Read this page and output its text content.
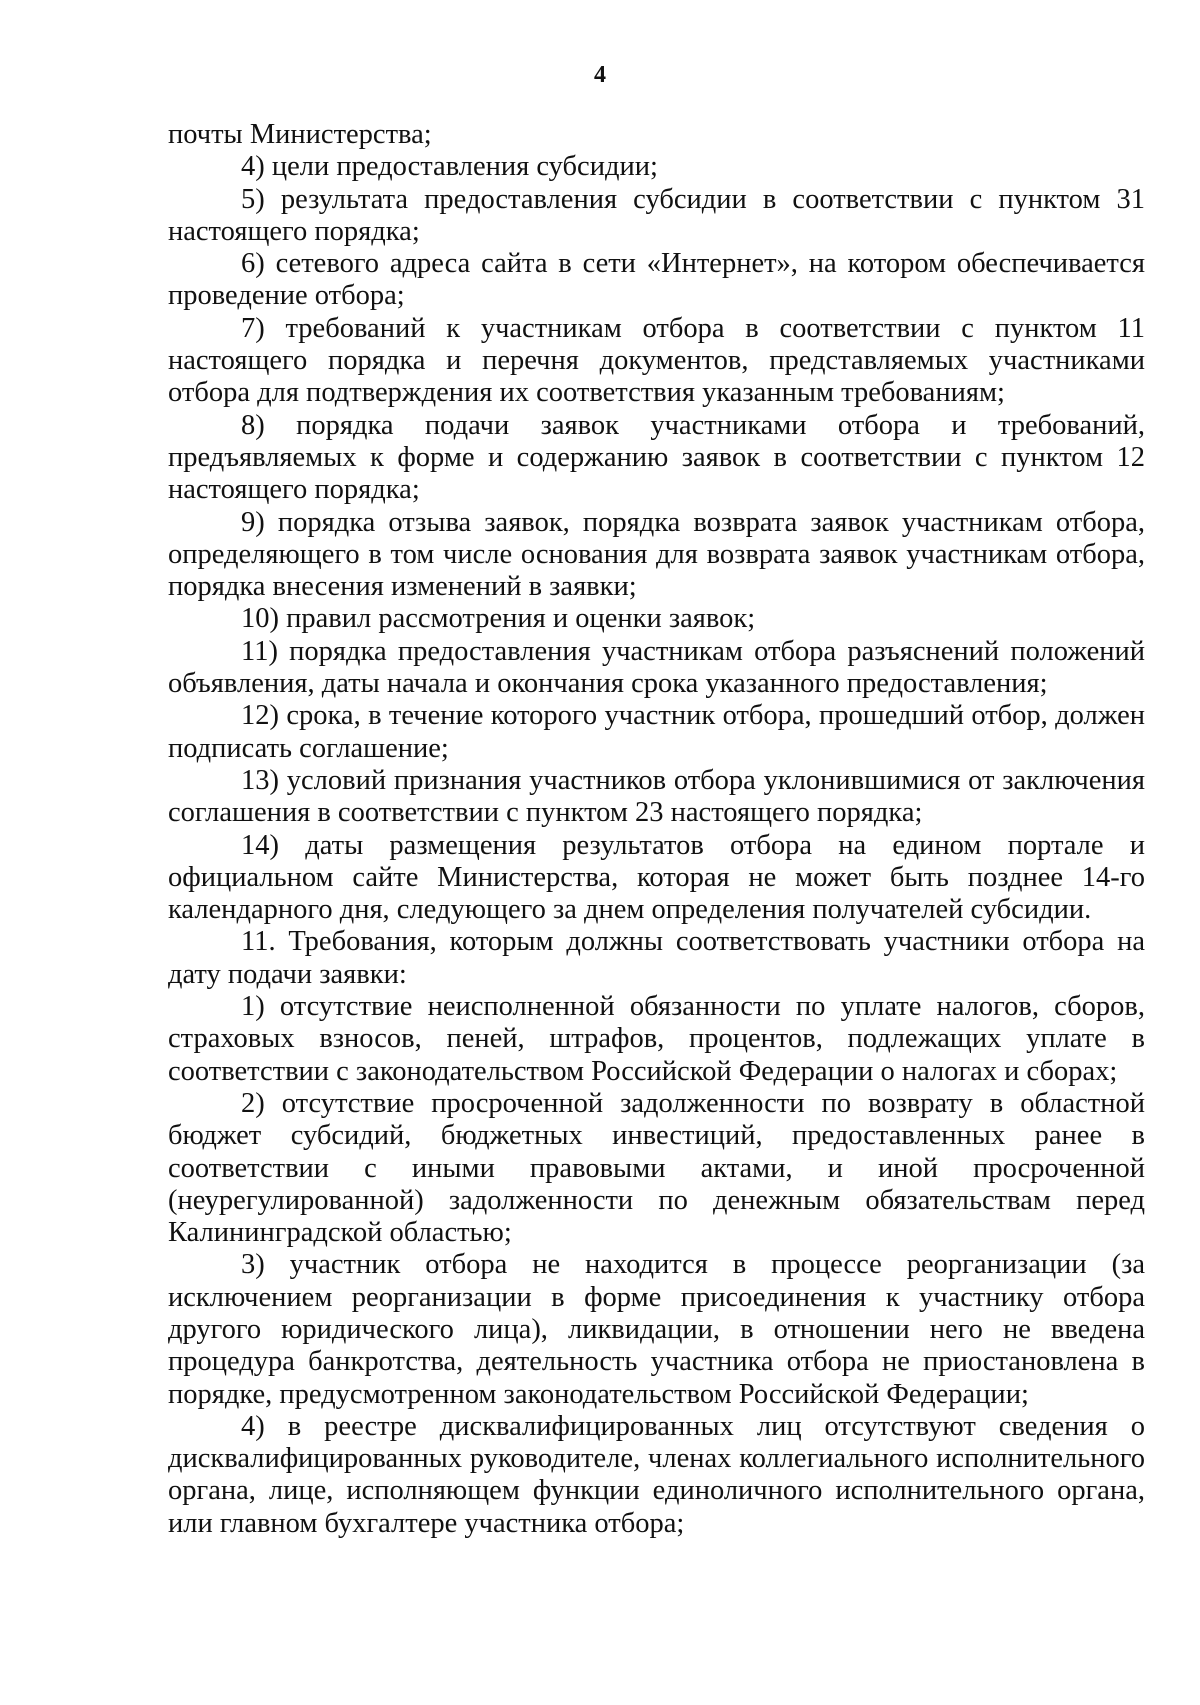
4

почты Министерства;

4) цели предоставления субсидии;

5) результата предоставления субсидии в соответствии с пунктом 31 настоящего порядка;

6) сетевого адреса сайта в сети «Интернет», на котором обеспечивается проведение отбора;

7) требований к участникам отбора в соответствии с пунктом 11 настоящего порядка и перечня документов, представляемых участниками отбора для подтверждения их соответствия указанным требованиям;

8) порядка подачи заявок участниками отбора и требований, предъявляемых к форме и содержанию заявок в соответствии с пунктом 12 настоящего порядка;

9) порядка отзыва заявок, порядка возврата заявок участникам отбора, определяющего в том числе основания для возврата заявок участникам отбора, порядка внесения изменений в заявки;

10) правил рассмотрения и оценки заявок;

11) порядка предоставления участникам отбора разъяснений положений объявления, даты начала и окончания срока указанного предоставления;

12) срока, в течение которого участник отбора, прошедший отбор, должен подписать соглашение;

13) условий признания участников отбора уклонившимися от заключения соглашения в соответствии с пунктом 23 настоящего порядка;

14) даты размещения результатов отбора на едином портале и официальном сайте Министерства, которая не может быть позднее 14-го календарного дня, следующего за днем определения получателей субсидии.

11. Требования, которым должны соответствовать участники отбора на дату подачи заявки:

1) отсутствие неисполненной обязанности по уплате налогов, сборов, страховых взносов, пеней, штрафов, процентов, подлежащих уплате в соответствии с законодательством Российской Федерации о налогах и сборах;

2) отсутствие просроченной задолженности по возврату в областной бюджет субсидий, бюджетных инвестиций, предоставленных ранее в соответствии с иными правовыми актами, и иной просроченной (неурегулированной) задолженности по денежным обязательствам перед Калининградской областью;

3) участник отбора не находится в процессе реорганизации (за исключением реорганизации в форме присоединения к участнику отбора другого юридического лица), ликвидации, в отношении него не введена процедура банкротства, деятельность участника отбора не приостановлена в порядке, предусмотренном законодательством Российской Федерации;

4) в реестре дисквалифицированных лиц отсутствуют сведения о дисквалифицированных руководителе, членах коллегиального исполнительного органа, лице, исполняющем функции единоличного исполнительного органа, или главном бухгалтере участника отбора;
